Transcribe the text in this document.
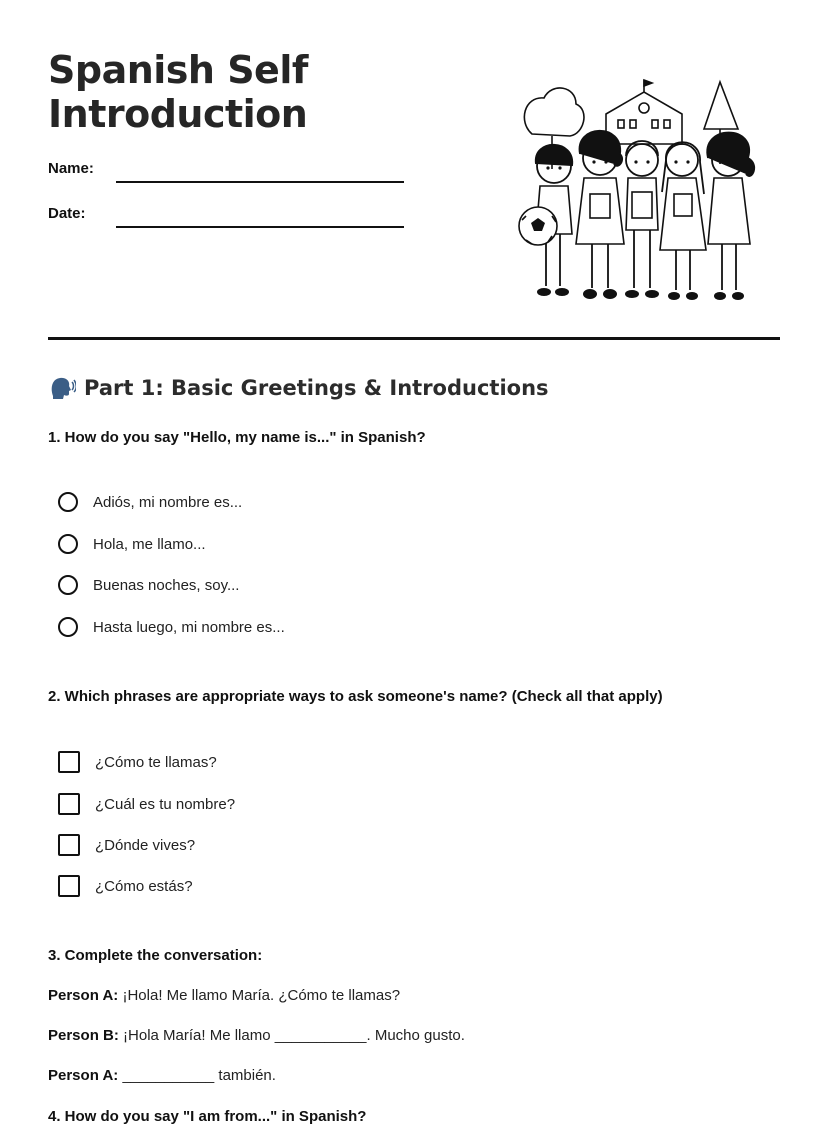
Spanish Self
Introduction
Name:
Date:
Part 1: Basic Greetings & Introductions
1. How do you say "Hello, my name is..." in Spanish?
Adiós, mi nombre es...
Hola, me llamo...
Buenas noches, soy...
Hasta luego, mi nombre es...
2. Which phrases are appropriate ways to ask someone's name? (Check all that apply)
¿Cómo te llamas?
¿Cuál es tu nombre?
¿Dónde vives?
¿Cómo estás?
3. Complete the conversation:
Person A: ¡Hola! Me llamo María. ¿Cómo te llamas?
Person B: ¡Hola María! Me llamo ___________. Mucho gusto.
Person A: ___________ también.
4. How do you say "I am from..." in Spanish?
